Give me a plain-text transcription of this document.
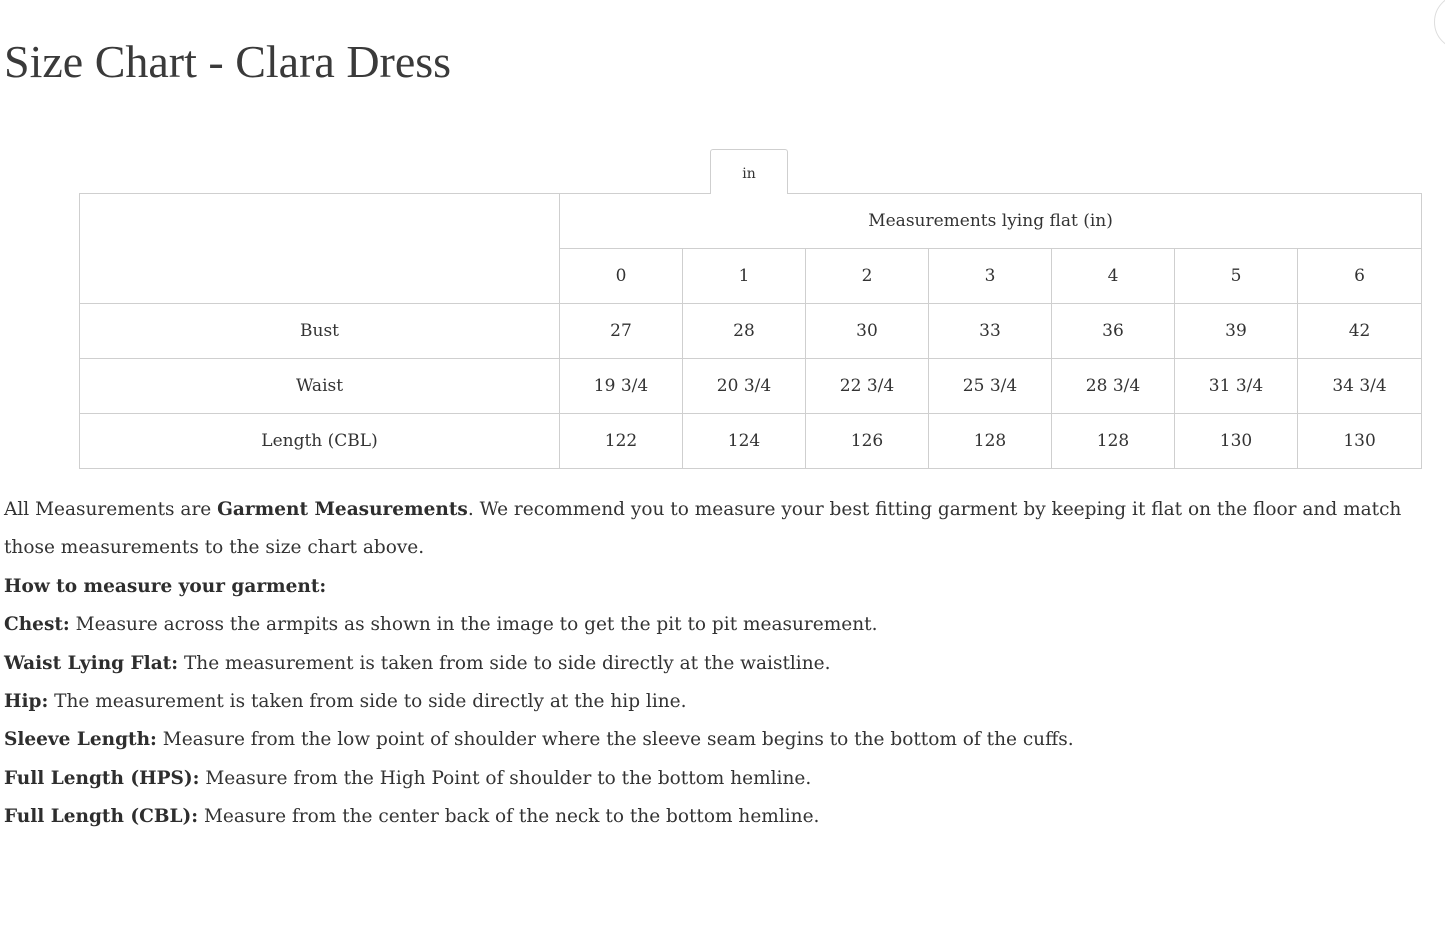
Size Chart - Clara Dress
in
	Measurements lying flat (in)						
	0	1	2	3	4	5	6
Bust	27	28	30	33	36	39	42
Waist	19 3/4	20 3/4	22 3/4	25 3/4	28 3/4	31 3/4	34 3/4
Length (CBL)	122	124	126	128	128	130	130

All Measurements are Garment Measurements. We recommend you to measure your best fitting garment by keeping it flat on the floor and match those measurements to the size chart above.

How to measure your garment:

Chest: Measure across the armpits as shown in the image to get the pit to pit measurement.

Waist Lying Flat: The measurement is taken from side to side directly at the waistline.

Hip: The measurement is taken from side to side directly at the hip line.

Sleeve Length: Measure from the low point of shoulder where the sleeve seam begins to the bottom of the cuffs.

Full Length (HPS): Measure from the High Point of shoulder to the bottom hemline.

Full Length (CBL): Measure from the center back of the neck to the bottom hemline.
